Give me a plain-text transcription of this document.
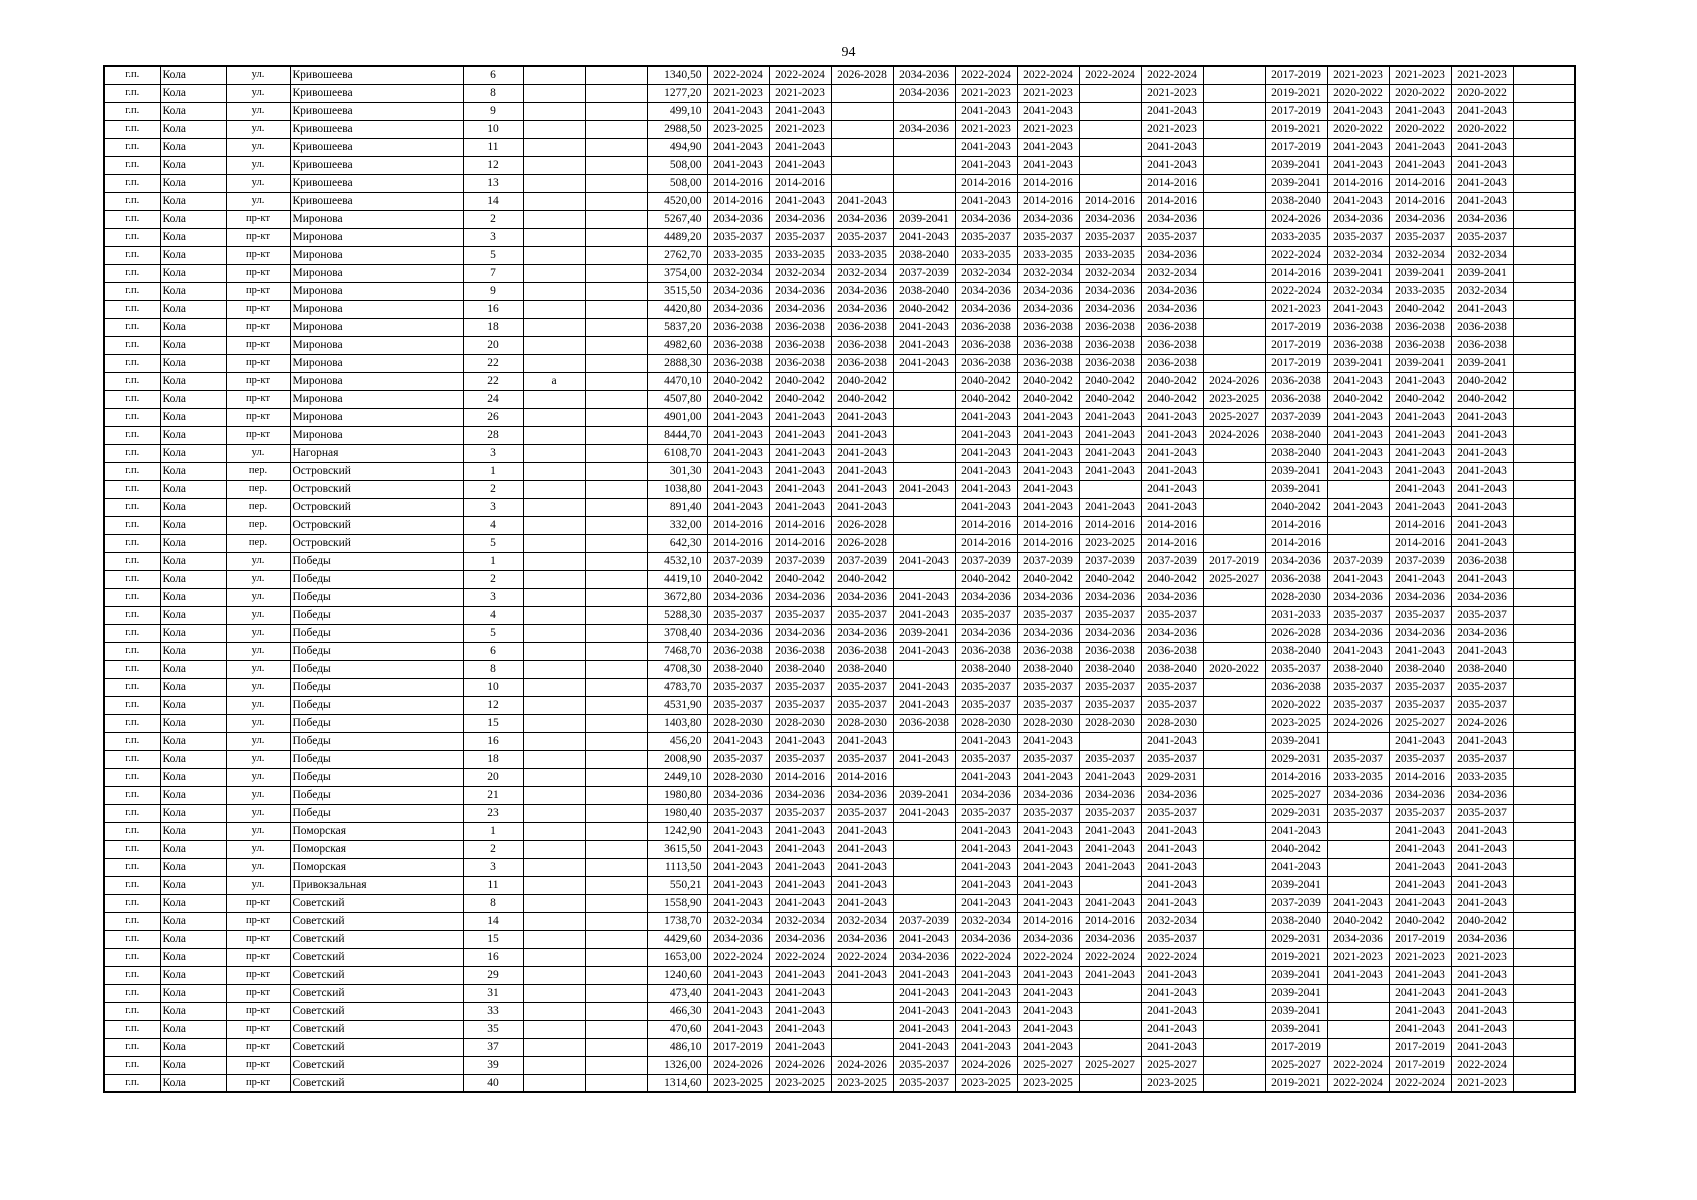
94
г.п.	Кола	ул.	Кривошеева	6			1340,50	2022-2024	2022-2024	2026-2028	2034-2036	2022-2024	2022-2024	2022-2024	2022-2024		2017-2019	2021-2023	2021-2023	2021-2023	
г.п.	Кола	ул.	Кривошеева	8			1277,20	2021-2023	2021-2023		2034-2036	2021-2023	2021-2023		2021-2023		2019-2021	2020-2022	2020-2022	2020-2022	
г.п.	Кола	ул.	Кривошеева	9			499,10	2041-2043	2041-2043			2041-2043	2041-2043		2041-2043		2017-2019	2041-2043	2041-2043	2041-2043	
г.п.	Кола	ул.	Кривошеева	10			2988,50	2023-2025	2021-2023		2034-2036	2021-2023	2021-2023		2021-2023		2019-2021	2020-2022	2020-2022	2020-2022	
г.п.	Кола	ул.	Кривошеева	11			494,90	2041-2043	2041-2043			2041-2043	2041-2043		2041-2043		2017-2019	2041-2043	2041-2043	2041-2043	
г.п.	Кола	ул.	Кривошеева	12			508,00	2041-2043	2041-2043			2041-2043	2041-2043		2041-2043		2039-2041	2041-2043	2041-2043	2041-2043	
г.п.	Кола	ул.	Кривошеева	13			508,00	2014-2016	2014-2016			2014-2016	2014-2016		2014-2016		2039-2041	2014-2016	2014-2016	2041-2043	
г.п.	Кола	ул.	Кривошеева	14			4520,00	2014-2016	2041-2043	2041-2043		2041-2043	2014-2016	2014-2016	2014-2016		2038-2040	2041-2043	2014-2016	2041-2043	
г.п.	Кола	пр-кт	Миронова	2			5267,40	2034-2036	2034-2036	2034-2036	2039-2041	2034-2036	2034-2036	2034-2036	2034-2036		2024-2026	2034-2036	2034-2036	2034-2036	
г.п.	Кола	пр-кт	Миронова	3			4489,20	2035-2037	2035-2037	2035-2037	2041-2043	2035-2037	2035-2037	2035-2037	2035-2037		2033-2035	2035-2037	2035-2037	2035-2037	
г.п.	Кола	пр-кт	Миронова	5			2762,70	2033-2035	2033-2035	2033-2035	2038-2040	2033-2035	2033-2035	2033-2035	2034-2036		2022-2024	2032-2034	2032-2034	2032-2034	
г.п.	Кола	пр-кт	Миронова	7			3754,00	2032-2034	2032-2034	2032-2034	2037-2039	2032-2034	2032-2034	2032-2034	2032-2034		2014-2016	2039-2041	2039-2041	2039-2041	
г.п.	Кола	пр-кт	Миронова	9			3515,50	2034-2036	2034-2036	2034-2036	2038-2040	2034-2036	2034-2036	2034-2036	2034-2036		2022-2024	2032-2034	2033-2035	2032-2034	
г.п.	Кола	пр-кт	Миронова	16			4420,80	2034-2036	2034-2036	2034-2036	2040-2042	2034-2036	2034-2036	2034-2036	2034-2036		2021-2023	2041-2043	2040-2042	2041-2043	
г.п.	Кола	пр-кт	Миронова	18			5837,20	2036-2038	2036-2038	2036-2038	2041-2043	2036-2038	2036-2038	2036-2038	2036-2038		2017-2019	2036-2038	2036-2038	2036-2038	
г.п.	Кола	пр-кт	Миронова	20			4982,60	2036-2038	2036-2038	2036-2038	2041-2043	2036-2038	2036-2038	2036-2038	2036-2038		2017-2019	2036-2038	2036-2038	2036-2038	
г.п.	Кола	пр-кт	Миронова	22			2888,30	2036-2038	2036-2038	2036-2038	2041-2043	2036-2038	2036-2038	2036-2038	2036-2038		2017-2019	2039-2041	2039-2041	2039-2041	
г.п.	Кола	пр-кт	Миронова	22	а		4470,10	2040-2042	2040-2042	2040-2042		2040-2042	2040-2042	2040-2042	2040-2042	2024-2026	2036-2038	2041-2043	2041-2043	2040-2042	
г.п.	Кола	пр-кт	Миронова	24			4507,80	2040-2042	2040-2042	2040-2042		2040-2042	2040-2042	2040-2042	2040-2042	2023-2025	2036-2038	2040-2042	2040-2042	2040-2042	
г.п.	Кола	пр-кт	Миронова	26			4901,00	2041-2043	2041-2043	2041-2043		2041-2043	2041-2043	2041-2043	2041-2043	2025-2027	2037-2039	2041-2043	2041-2043	2041-2043	
г.п.	Кола	пр-кт	Миронова	28			8444,70	2041-2043	2041-2043	2041-2043		2041-2043	2041-2043	2041-2043	2041-2043	2024-2026	2038-2040	2041-2043	2041-2043	2041-2043	
г.п.	Кола	ул.	Нагорная	3			6108,70	2041-2043	2041-2043	2041-2043		2041-2043	2041-2043	2041-2043	2041-2043		2038-2040	2041-2043	2041-2043	2041-2043	
г.п.	Кола	пер.	Островский	1			301,30	2041-2043	2041-2043	2041-2043		2041-2043	2041-2043	2041-2043	2041-2043		2039-2041	2041-2043	2041-2043	2041-2043	
г.п.	Кола	пер.	Островский	2			1038,80	2041-2043	2041-2043	2041-2043	2041-2043	2041-2043	2041-2043		2041-2043		2039-2041		2041-2043	2041-2043	
г.п.	Кола	пер.	Островский	3			891,40	2041-2043	2041-2043	2041-2043		2041-2043	2041-2043	2041-2043	2041-2043		2040-2042	2041-2043	2041-2043	2041-2043	
г.п.	Кола	пер.	Островский	4			332,00	2014-2016	2014-2016	2026-2028		2014-2016	2014-2016	2014-2016	2014-2016		2014-2016		2014-2016	2041-2043	
г.п.	Кола	пер.	Островский	5			642,30	2014-2016	2014-2016	2026-2028		2014-2016	2014-2016	2023-2025	2014-2016		2014-2016		2014-2016	2041-2043	
г.п.	Кола	ул.	Победы	1			4532,10	2037-2039	2037-2039	2037-2039	2041-2043	2037-2039	2037-2039	2037-2039	2037-2039	2017-2019	2034-2036	2037-2039	2037-2039	2036-2038	
г.п.	Кола	ул.	Победы	2			4419,10	2040-2042	2040-2042	2040-2042		2040-2042	2040-2042	2040-2042	2040-2042	2025-2027	2036-2038	2041-2043	2041-2043	2041-2043	
г.п.	Кола	ул.	Победы	3			3672,80	2034-2036	2034-2036	2034-2036	2041-2043	2034-2036	2034-2036	2034-2036	2034-2036		2028-2030	2034-2036	2034-2036	2034-2036	
г.п.	Кола	ул.	Победы	4			5288,30	2035-2037	2035-2037	2035-2037	2041-2043	2035-2037	2035-2037	2035-2037	2035-2037		2031-2033	2035-2037	2035-2037	2035-2037	
г.п.	Кола	ул.	Победы	5			3708,40	2034-2036	2034-2036	2034-2036	2039-2041	2034-2036	2034-2036	2034-2036	2034-2036		2026-2028	2034-2036	2034-2036	2034-2036	
г.п.	Кола	ул.	Победы	6			7468,70	2036-2038	2036-2038	2036-2038	2041-2043	2036-2038	2036-2038	2036-2038	2036-2038		2038-2040	2041-2043	2041-2043	2041-2043	
г.п.	Кола	ул.	Победы	8			4708,30	2038-2040	2038-2040	2038-2040		2038-2040	2038-2040	2038-2040	2038-2040	2020-2022	2035-2037	2038-2040	2038-2040	2038-2040	
г.п.	Кола	ул.	Победы	10			4783,70	2035-2037	2035-2037	2035-2037	2041-2043	2035-2037	2035-2037	2035-2037	2035-2037		2036-2038	2035-2037	2035-2037	2035-2037	
г.п.	Кола	ул.	Победы	12			4531,90	2035-2037	2035-2037	2035-2037	2041-2043	2035-2037	2035-2037	2035-2037	2035-2037		2020-2022	2035-2037	2035-2037	2035-2037	
г.п.	Кола	ул.	Победы	15			1403,80	2028-2030	2028-2030	2028-2030	2036-2038	2028-2030	2028-2030	2028-2030	2028-2030		2023-2025	2024-2026	2025-2027	2024-2026	
г.п.	Кола	ул.	Победы	16			456,20	2041-2043	2041-2043	2041-2043		2041-2043	2041-2043		2041-2043		2039-2041		2041-2043	2041-2043	
г.п.	Кола	ул.	Победы	18			2008,90	2035-2037	2035-2037	2035-2037	2041-2043	2035-2037	2035-2037	2035-2037	2035-2037		2029-2031	2035-2037	2035-2037	2035-2037	
г.п.	Кола	ул.	Победы	20			2449,10	2028-2030	2014-2016	2014-2016		2041-2043	2041-2043	2041-2043	2029-2031		2014-2016	2033-2035	2014-2016	2033-2035	
г.п.	Кола	ул.	Победы	21			1980,80	2034-2036	2034-2036	2034-2036	2039-2041	2034-2036	2034-2036	2034-2036	2034-2036		2025-2027	2034-2036	2034-2036	2034-2036	
г.п.	Кола	ул.	Победы	23			1980,40	2035-2037	2035-2037	2035-2037	2041-2043	2035-2037	2035-2037	2035-2037	2035-2037		2029-2031	2035-2037	2035-2037	2035-2037	
г.п.	Кола	ул.	Поморская	1			1242,90	2041-2043	2041-2043	2041-2043		2041-2043	2041-2043	2041-2043	2041-2043		2041-2043		2041-2043	2041-2043	
г.п.	Кола	ул.	Поморская	2			3615,50	2041-2043	2041-2043	2041-2043		2041-2043	2041-2043	2041-2043	2041-2043		2040-2042		2041-2043	2041-2043	
г.п.	Кола	ул.	Поморская	3			1113,50	2041-2043	2041-2043	2041-2043		2041-2043	2041-2043	2041-2043	2041-2043		2041-2043		2041-2043	2041-2043	
г.п.	Кола	ул.	Привокзальная	11			550,21	2041-2043	2041-2043	2041-2043		2041-2043	2041-2043		2041-2043		2039-2041		2041-2043	2041-2043	
г.п.	Кола	пр-кт	Советский	8			1558,90	2041-2043	2041-2043	2041-2043		2041-2043	2041-2043	2041-2043	2041-2043		2037-2039	2041-2043	2041-2043	2041-2043	
г.п.	Кола	пр-кт	Советский	14			1738,70	2032-2034	2032-2034	2032-2034	2037-2039	2032-2034	2014-2016	2014-2016	2032-2034		2038-2040	2040-2042	2040-2042	2040-2042	
г.п.	Кола	пр-кт	Советский	15			4429,60	2034-2036	2034-2036	2034-2036	2041-2043	2034-2036	2034-2036	2034-2036	2035-2037		2029-2031	2034-2036	2017-2019	2034-2036	
г.п.	Кола	пр-кт	Советский	16			1653,00	2022-2024	2022-2024	2022-2024	2034-2036	2022-2024	2022-2024	2022-2024	2022-2024		2019-2021	2021-2023	2021-2023	2021-2023	
г.п.	Кола	пр-кт	Советский	29			1240,60	2041-2043	2041-2043	2041-2043	2041-2043	2041-2043	2041-2043	2041-2043	2041-2043		2039-2041	2041-2043	2041-2043	2041-2043	
г.п.	Кола	пр-кт	Советский	31			473,40	2041-2043	2041-2043		2041-2043	2041-2043	2041-2043		2041-2043		2039-2041		2041-2043	2041-2043	
г.п.	Кола	пр-кт	Советский	33			466,30	2041-2043	2041-2043		2041-2043	2041-2043	2041-2043		2041-2043		2039-2041		2041-2043	2041-2043	
г.п.	Кола	пр-кт	Советский	35			470,60	2041-2043	2041-2043		2041-2043	2041-2043	2041-2043		2041-2043		2039-2041		2041-2043	2041-2043	
г.п.	Кола	пр-кт	Советский	37			486,10	2017-2019	2041-2043		2041-2043	2041-2043	2041-2043		2041-2043		2017-2019		2017-2019	2041-2043	
г.п.	Кола	пр-кт	Советский	39			1326,00	2024-2026	2024-2026	2024-2026	2035-2037	2024-2026	2025-2027	2025-2027	2025-2027		2025-2027	2022-2024	2017-2019	2022-2024	
г.п.	Кола	пр-кт	Советский	40			1314,60	2023-2025	2023-2025	2023-2025	2035-2037	2023-2025	2023-2025		2023-2025		2019-2021	2022-2024	2022-2024	2021-2023	
